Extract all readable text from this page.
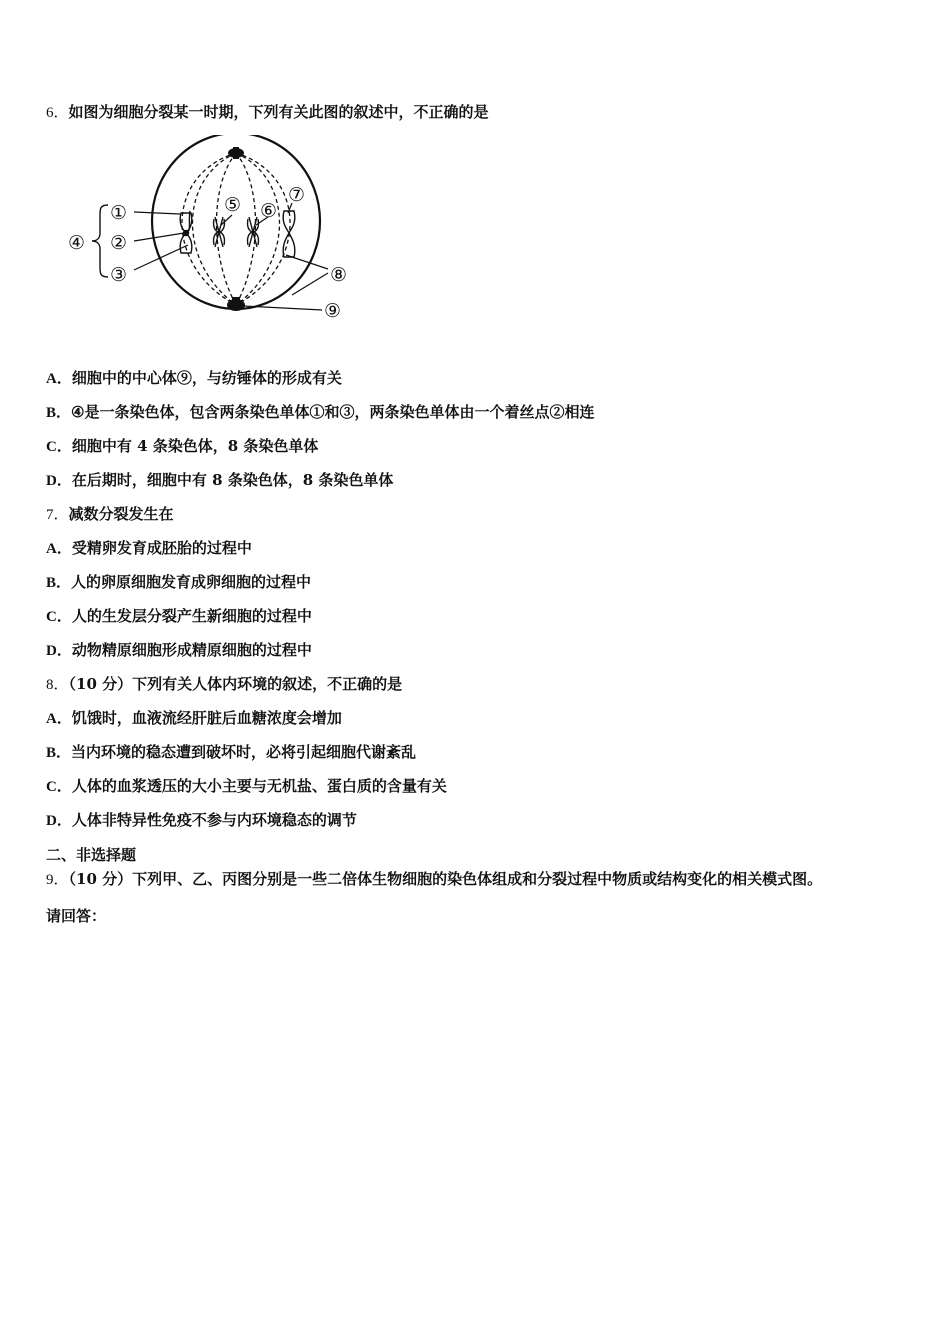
6．如图为细胞分裂某一时期，下列有关此图的叙述中，不正确的是
①
②
③
④
⑤ ⑥
⑦
⑧
⑨
A．细胞中的中心体⑨，与纺锤体的形成有关
B．④是一条染色体，包含两条染色单体①和③，两条染色单体由一个着丝点②相连
C．细胞中有 4 条染色体，8 条染色单体
D．在后期时，细胞中有 8 条染色体，8 条染色单体
7．减数分裂发生在
A．受精卵发育成胚胎的过程中
B．人的卵原细胞发育成卵细胞的过程中
C．人的生发层分裂产生新细胞的过程中
D．动物精原细胞形成精原细胞的过程中
8．（10 分）下列有关人体内环境的叙述，不正确的是
A．饥饿时，血液流经肝脏后血糖浓度会增加
B．当内环境的稳态遭到破坏时，必将引起细胞代谢紊乱
C．人体的血浆透压的大小主要与无机盐、蛋白质的含量有关
D．人体非特异性免疫不参与内环境稳态的调节
二、非选择题
9．（10 分）下列甲、乙、丙图分别是一些二倍体生物细胞的染色体组成和分裂过程中物质或结构变化的相关模式图。
请回答：
